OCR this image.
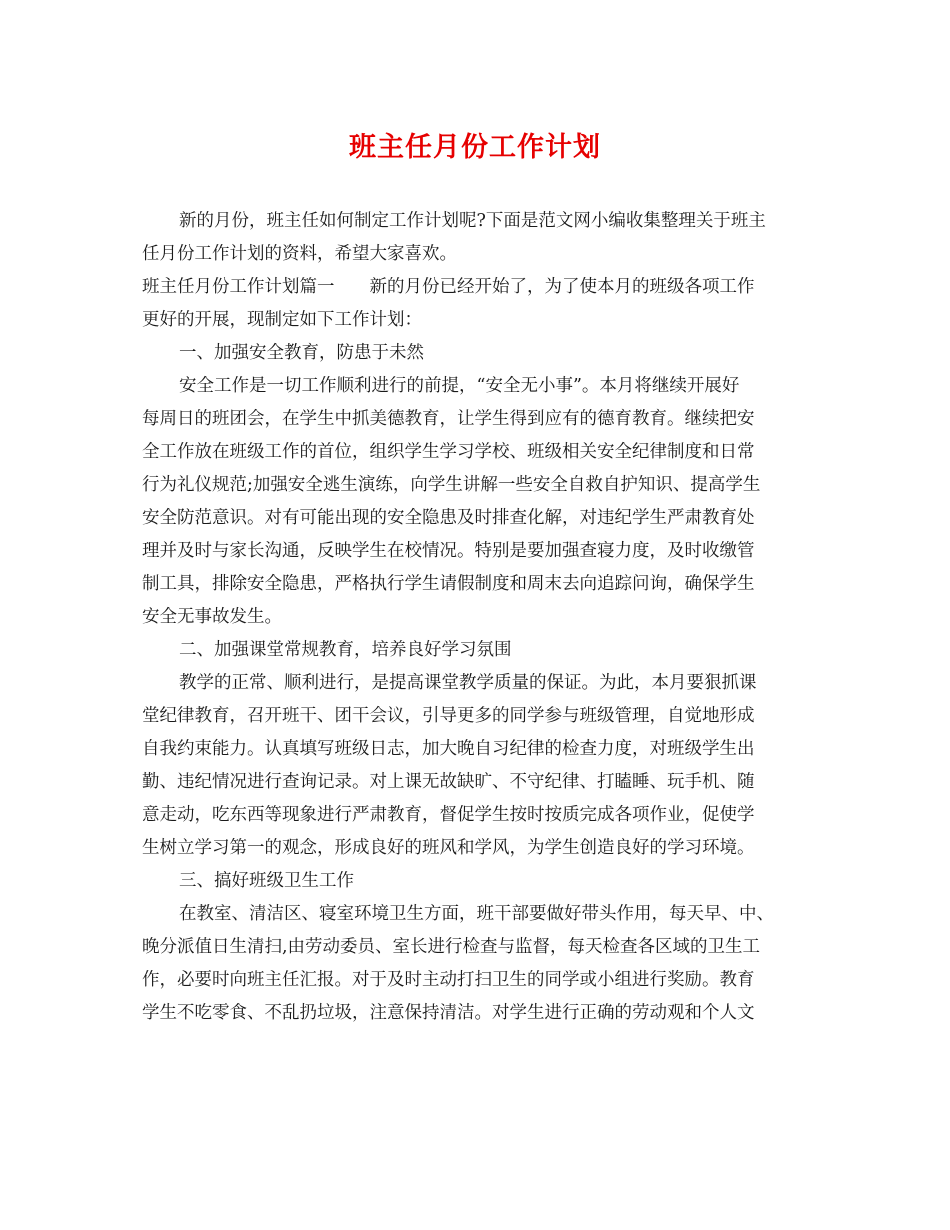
班主任月份工作计划
新的月份，班主任如何制定工作计划呢?下面是范文网小编收集整理关于班主
任月份工作计划的资料，希望大家喜欢。
班主任月份工作计划篇一　　新的月份已经开始了，为了使本月的班级各项工作
更好的开展，现制定如下工作计划：
一、加强安全教育，防患于未然
安全工作是一切工作顺利进行的前提，“安全无小事”。本月将继续开展好
每周日的班团会，在学生中抓美德教育，让学生得到应有的德育教育。继续把安
全工作放在班级工作的首位，组织学生学习学校、班级相关安全纪律制度和日常
行为礼仪规范;加强安全逃生演练，向学生讲解一些安全自救自护知识、提高学生
安全防范意识。对有可能出现的安全隐患及时排查化解，对违纪学生严肃教育处
理并及时与家长沟通，反映学生在校情况。特别是要加强查寝力度，及时收缴管
制工具，排除安全隐患，严格执行学生请假制度和周末去向追踪问询，确保学生
安全无事故发生。
二、加强课堂常规教育，培养良好学习氛围
教学的正常、顺利进行，是提高课堂教学质量的保证。为此，本月要狠抓课
堂纪律教育，召开班干、团干会议，引导更多的同学参与班级管理，自觉地形成
自我约束能力。认真填写班级日志，加大晚自习纪律的检查力度，对班级学生出
勤、违纪情况进行查询记录。对上课无故缺旷、不守纪律、打瞌睡、玩手机、随
意走动，吃东西等现象进行严肃教育，督促学生按时按质完成各项作业，促使学
生树立学习第一的观念，形成良好的班风和学风，为学生创造良好的学习环境。
三、搞好班级卫生工作
在教室、清洁区、寝室环境卫生方面，班干部要做好带头作用，每天早、中、
晚分派值日生清扫,由劳动委员、室长进行检查与监督，每天检查各区域的卫生工
作，必要时向班主任汇报。对于及时主动打扫卫生的同学或小组进行奖励。教育
学生不吃零食、不乱扔垃圾，注意保持清洁。对学生进行正确的劳动观和个人文
